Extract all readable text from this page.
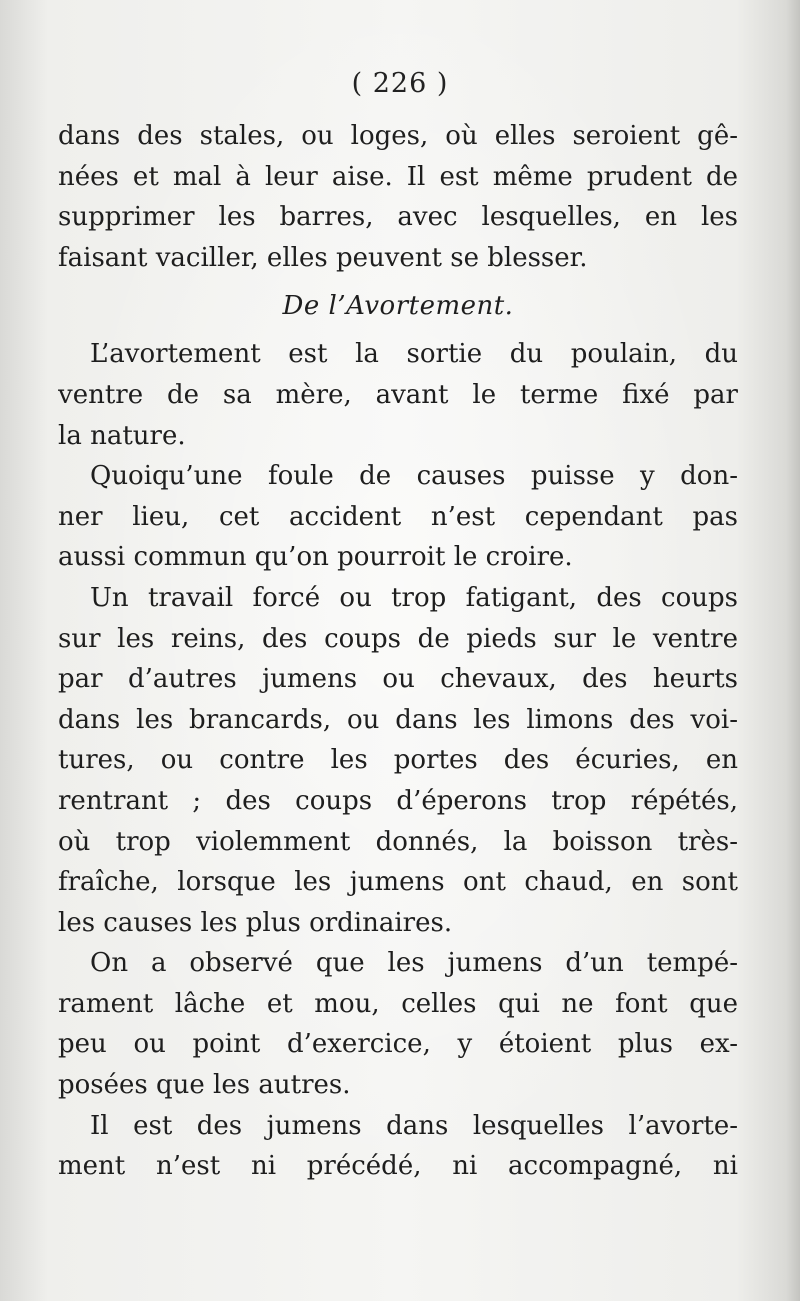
( 226 )
dans des stales, ou loges, où elles seroient gê-
nées et mal à leur aise. Il est même prudent de
supprimer les barres, avec lesquelles, en les
faisant vaciller, elles peuvent se blesser.
De l’Avortement.
L’avortement est la sortie du poulain, du
ventre de sa mère, avant le terme fixé par
la nature.
Quoiqu’une foule de causes puisse y don-
ner lieu, cet accident n’est cependant pas
aussi commun qu’on pourroit le croire.
Un travail forcé ou trop fatigant, des coups
sur les reins, des coups de pieds sur le ventre
par d’autres jumens ou chevaux, des heurts
dans les brancards, ou dans les limons des voi-
tures, ou contre les portes des écuries, en
rentrant ; des coups d’éperons trop répétés,
où trop violemment donnés, la boisson très-
fraîche, lorsque les jumens ont chaud, en sont
les causes les plus ordinaires.
On a observé que les jumens d’un tempé-
rament lâche et mou, celles qui ne font que
peu ou point d’exercice, y étoient plus ex-
posées que les autres.
Il est des jumens dans lesquelles l’avorte-
ment n’est ni précédé, ni accompagné, ni
